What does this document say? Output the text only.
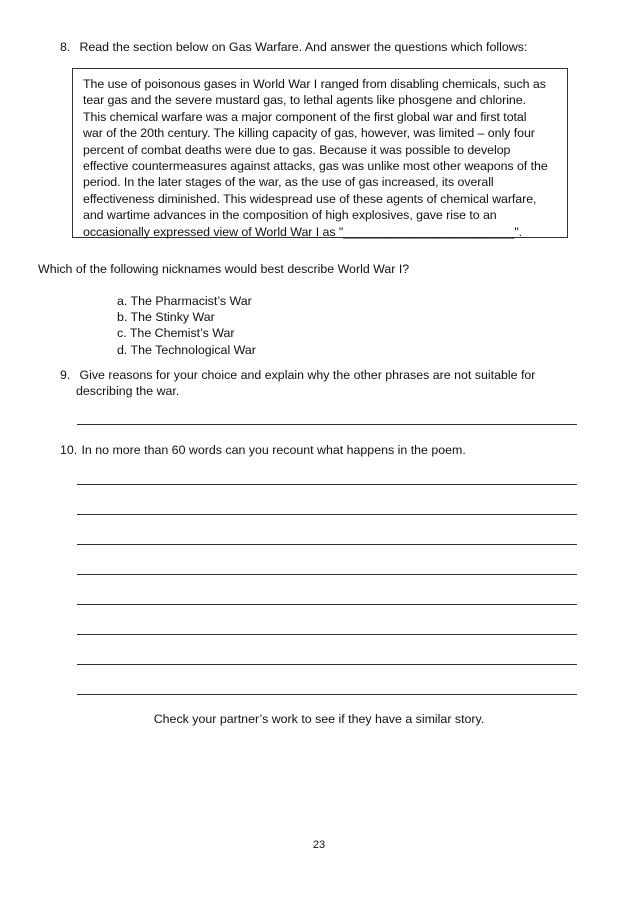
8. Read the section below on Gas Warfare. And answer the questions which follows:
The use of poisonous gases in World War I ranged from disabling chemicals, such as
tear gas and the severe mustard gas, to lethal agents like phosgene and chlorine.
This chemical warfare was a major component of the first global war and first total
war of the 20th century. The killing capacity of gas, however, was limited – only four
percent of combat deaths were due to gas. Because it was possible to develop
effective countermeasures against attacks, gas was unlike most other weapons of the
period. In the later stages of the war, as the use of gas increased, its overall
effectiveness diminished. This widespread use of these agents of chemical warfare,
and wartime advances in the composition of high explosives, gave rise to an
occasionally expressed view of World War I as "_________________________".
Which of the following nicknames would best describe World War I?
a. The Pharmacist’s War
b. The Stinky War
c. The Chemist’s War
d. The Technological War
9. Give reasons for your choice and explain why the other phrases are not suitable for
describing the war.
10. In no more than 60 words can you recount what happens in the poem.
Check your partner’s work to see if they have a similar story.
23
